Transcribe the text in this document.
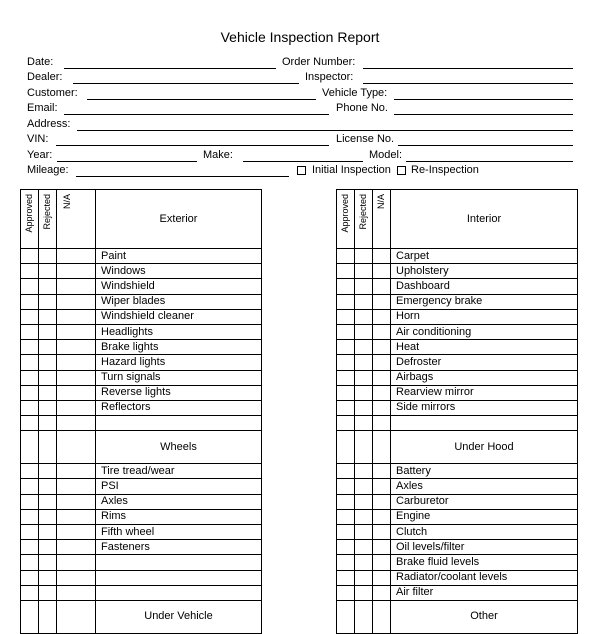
Vehicle Inspection Report
Date:	Order Number:
Dealer:	Inspector:
Customer:	Vehicle Type:
Email:	Phone No.
Address:
VIN:	License No.
Year:	Make:	Model:
Mileage:	Initial Inspection Re-Inspection
Approved	Rejected	N/A	Exterior
			Paint
			Windows
			Windshield
			Wiper blades
			Windshield cleaner
			Headlights
			Brake lights
			Hazard lights
			Turn signals
			Reverse lights
			Reflectors

			Wheels
			Tire tread/wear
			PSI
			Axles
			Rims
			Fifth wheel
			Fasteners

			Under Vehicle
Approved	Rejected	N/A	Interior
			Carpet
			Upholstery
			Dashboard
			Emergency brake
			Horn
			Air conditioning
			Heat
			Defroster
			Airbags
			Rearview mirror
			Side mirrors

			Under Hood
			Battery
			Axles
			Carburetor
			Engine
			Clutch
			Oil levels/filter
			Brake fluid levels
			Radiator/coolant levels
			Air filter
			Other
